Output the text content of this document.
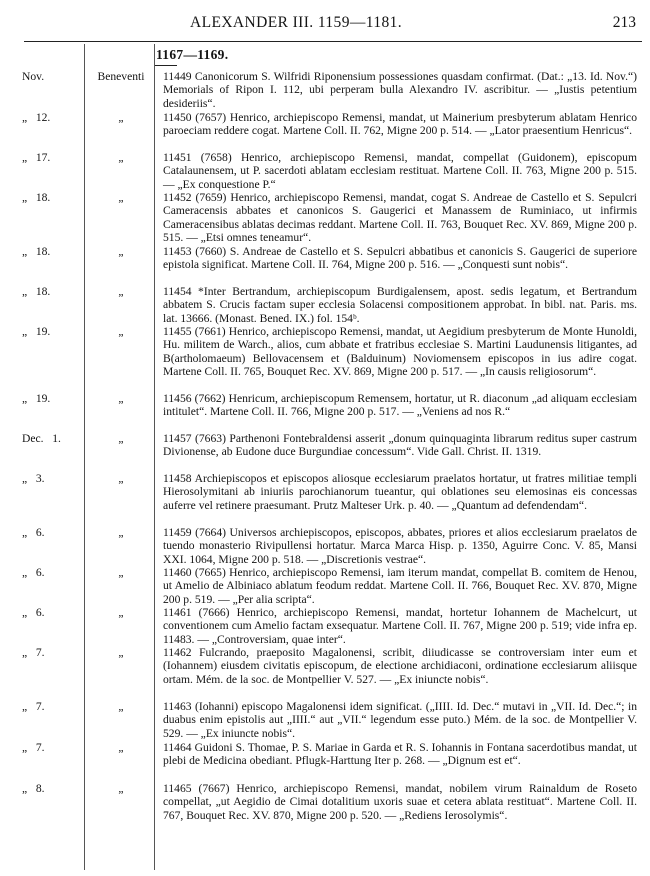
ALEXANDER III. 1159—1181.	213
1167—1169.
Nov.	Beneventi	11449 Canonicorum S. Wilfridi Riponensium possessiones quasdam confirmat. (Dat.: „13. Id. Nov.“) Memorials of Ripon I. 112, ubi perperam bulla Alexandro IV. ascribitur. — „Iustis petentium desideriis“.
„   12.	„	11450 (7657) Henrico, archiepiscopo Remensi, mandat, ut Mainerium presbyterum ablatam Henrico paroeciam reddere cogat. Martene Coll. II. 762, Migne 200 p. 514. — „Lator praesentium Henricus“.
„   17.	„	11451 (7658) Henrico, archiepiscopo Remensi, mandat, compellat (Guidonem), episcopum Catalaunensem, ut P. sacerdoti ablatam ecclesiam restituat. Martene Coll. II. 763, Migne 200 p. 515. — „Ex conquestione P.“
„   18.	„	11452 (7659) Henrico, archiepiscopo Remensi, mandat, cogat S. Andreae de Castello et S. Sepulcri Cameracensis abbates et canonicos S. Gaugerici et Manassem de Ruminiaco, ut infirmis Cameracensibus ablatas decimas reddant. Martene Coll. II. 763, Bouquet Rec. XV. 869, Migne 200 p. 515. — „Etsi omnes teneamur“.
„   18.	„	11453 (7660) S. Andreae de Castello et S. Sepulcri abbatibus et canonicis S. Gaugerici de superiore epistola significat. Martene Coll. II. 764, Migne 200 p. 516. — „Conquesti sunt nobis“.
„   18.	„	11454 *Inter Bertrandum, archiepiscopum Burdigalensem, apost. sedis legatum, et Bertrandum abbatem S. Crucis factam super ecclesia Solacensi compositionem approbat. In bibl. nat. Paris. ms. lat. 13666. (Monast. Bened. IX.) fol. 154ᵇ.
„   19.	„	11455 (7661) Henrico, archiepiscopo Remensi, mandat, ut Aegidium presbyterum de Monte Hunoldi, Hu. militem de Warch., alios, cum abbate et fratribus ecclesiae S. Martini Laudunensis litigantes, ad B(artholomaeum) Bellovacensem et (Balduinum) Noviomensem episcopos in ius adire cogat. Martene Coll. II. 765, Bouquet Rec. XV. 869, Migne 200 p. 517. — „In causis religiosorum“.
„   19.	„	11456 (7662) Henricum, archiepiscopum Remensem, hortatur, ut R. diaconum „ad aliquam ecclesiam intitulet“. Martene Coll. II. 766, Migne 200 p. 517. — „Veniens ad nos R.“
Dec.   1.	„	11457 (7663) Parthenoni Fontebraldensi asserit „donum quinquaginta librarum reditus super castrum Divionense, ab Eudone duce Burgundiae concessum“. Vide Gall. Christ. II. 1319.
„   3.	„	11458 Archiepiscopos et episcopos aliosque ecclesiarum praelatos hortatur, ut fratres militiae templi Hierosolymitani ab iniuriis parochianorum tueantur, qui oblationes seu elemosinas eis concessas auferre vel retinere praesumant. Prutz Malteser Urk. p. 40. — „Quantum ad defendendam“.
„   6.	„	11459 (7664) Universos archiepiscopos, episcopos, abbates, priores et alios ecclesiarum praelatos de tuendo monasterio Rivipullensi hortatur. Marca Marca Hisp. p. 1350, Aguirre Conc. V. 85, Mansi XXI. 1064, Migne 200 p. 518. — „Discretionis vestrae“.
„   6.	„	11460 (7665) Henrico, archiepiscopo Remensi, iam iterum mandat, compellat B. comitem de Henou, ut Amelio de Albiniaco ablatum feodum reddat. Martene Coll. II. 766, Bouquet Rec. XV. 870, Migne 200 p. 519. — „Per alia scripta“.
„   6.	„	11461 (7666) Henrico, archiepiscopo Remensi, mandat, hortetur Iohannem de Machelcurt, ut conventionem cum Amelio factam exsequatur. Martene Coll. II. 767, Migne 200 p. 519; vide infra ep. 11483. — „Controversiam, quae inter“.
„   7.	„	11462 Fulcrando, praeposito Magalonensi, scribit, diiudicasse se controversiam inter eum et (Iohannem) eiusdem civitatis episcopum, de electione archidiaconi, ordinatione ecclesiarum aliisque ortam. Mém. de la soc. de Montpellier V. 527. — „Ex iniuncte nobis“.
„   7.	„	11463 (Iohanni) episcopo Magalonensi idem significat. („IIII. Id. Dec.“ mutavi in „VII. Id. Dec.“; in duabus enim epistolis aut „IIII.“ aut „VII.“ legendum esse puto.) Mém. de la soc. de Montpellier V. 529. — „Ex iniuncte nobis“.
„   7.	„	11464 Guidoni S. Thomae, P. S. Mariae in Garda et R. S. Iohannis in Fontana sacerdotibus mandat, ut plebi de Medicina obediant. Pflugk-Harttung Iter p. 268. — „Dignum est et“.
„   8.	„	11465 (7667) Henrico, archiepiscopo Remensi, mandat, nobilem virum Rainaldum de Roseto compellat, „ut Aegidio de Cimai dotalitium uxoris suae et cetera ablata restituat“. Martene Coll. II. 767, Bouquet Rec. XV. 870, Migne 200 p. 520. — „Rediens Ierosolymis“.
